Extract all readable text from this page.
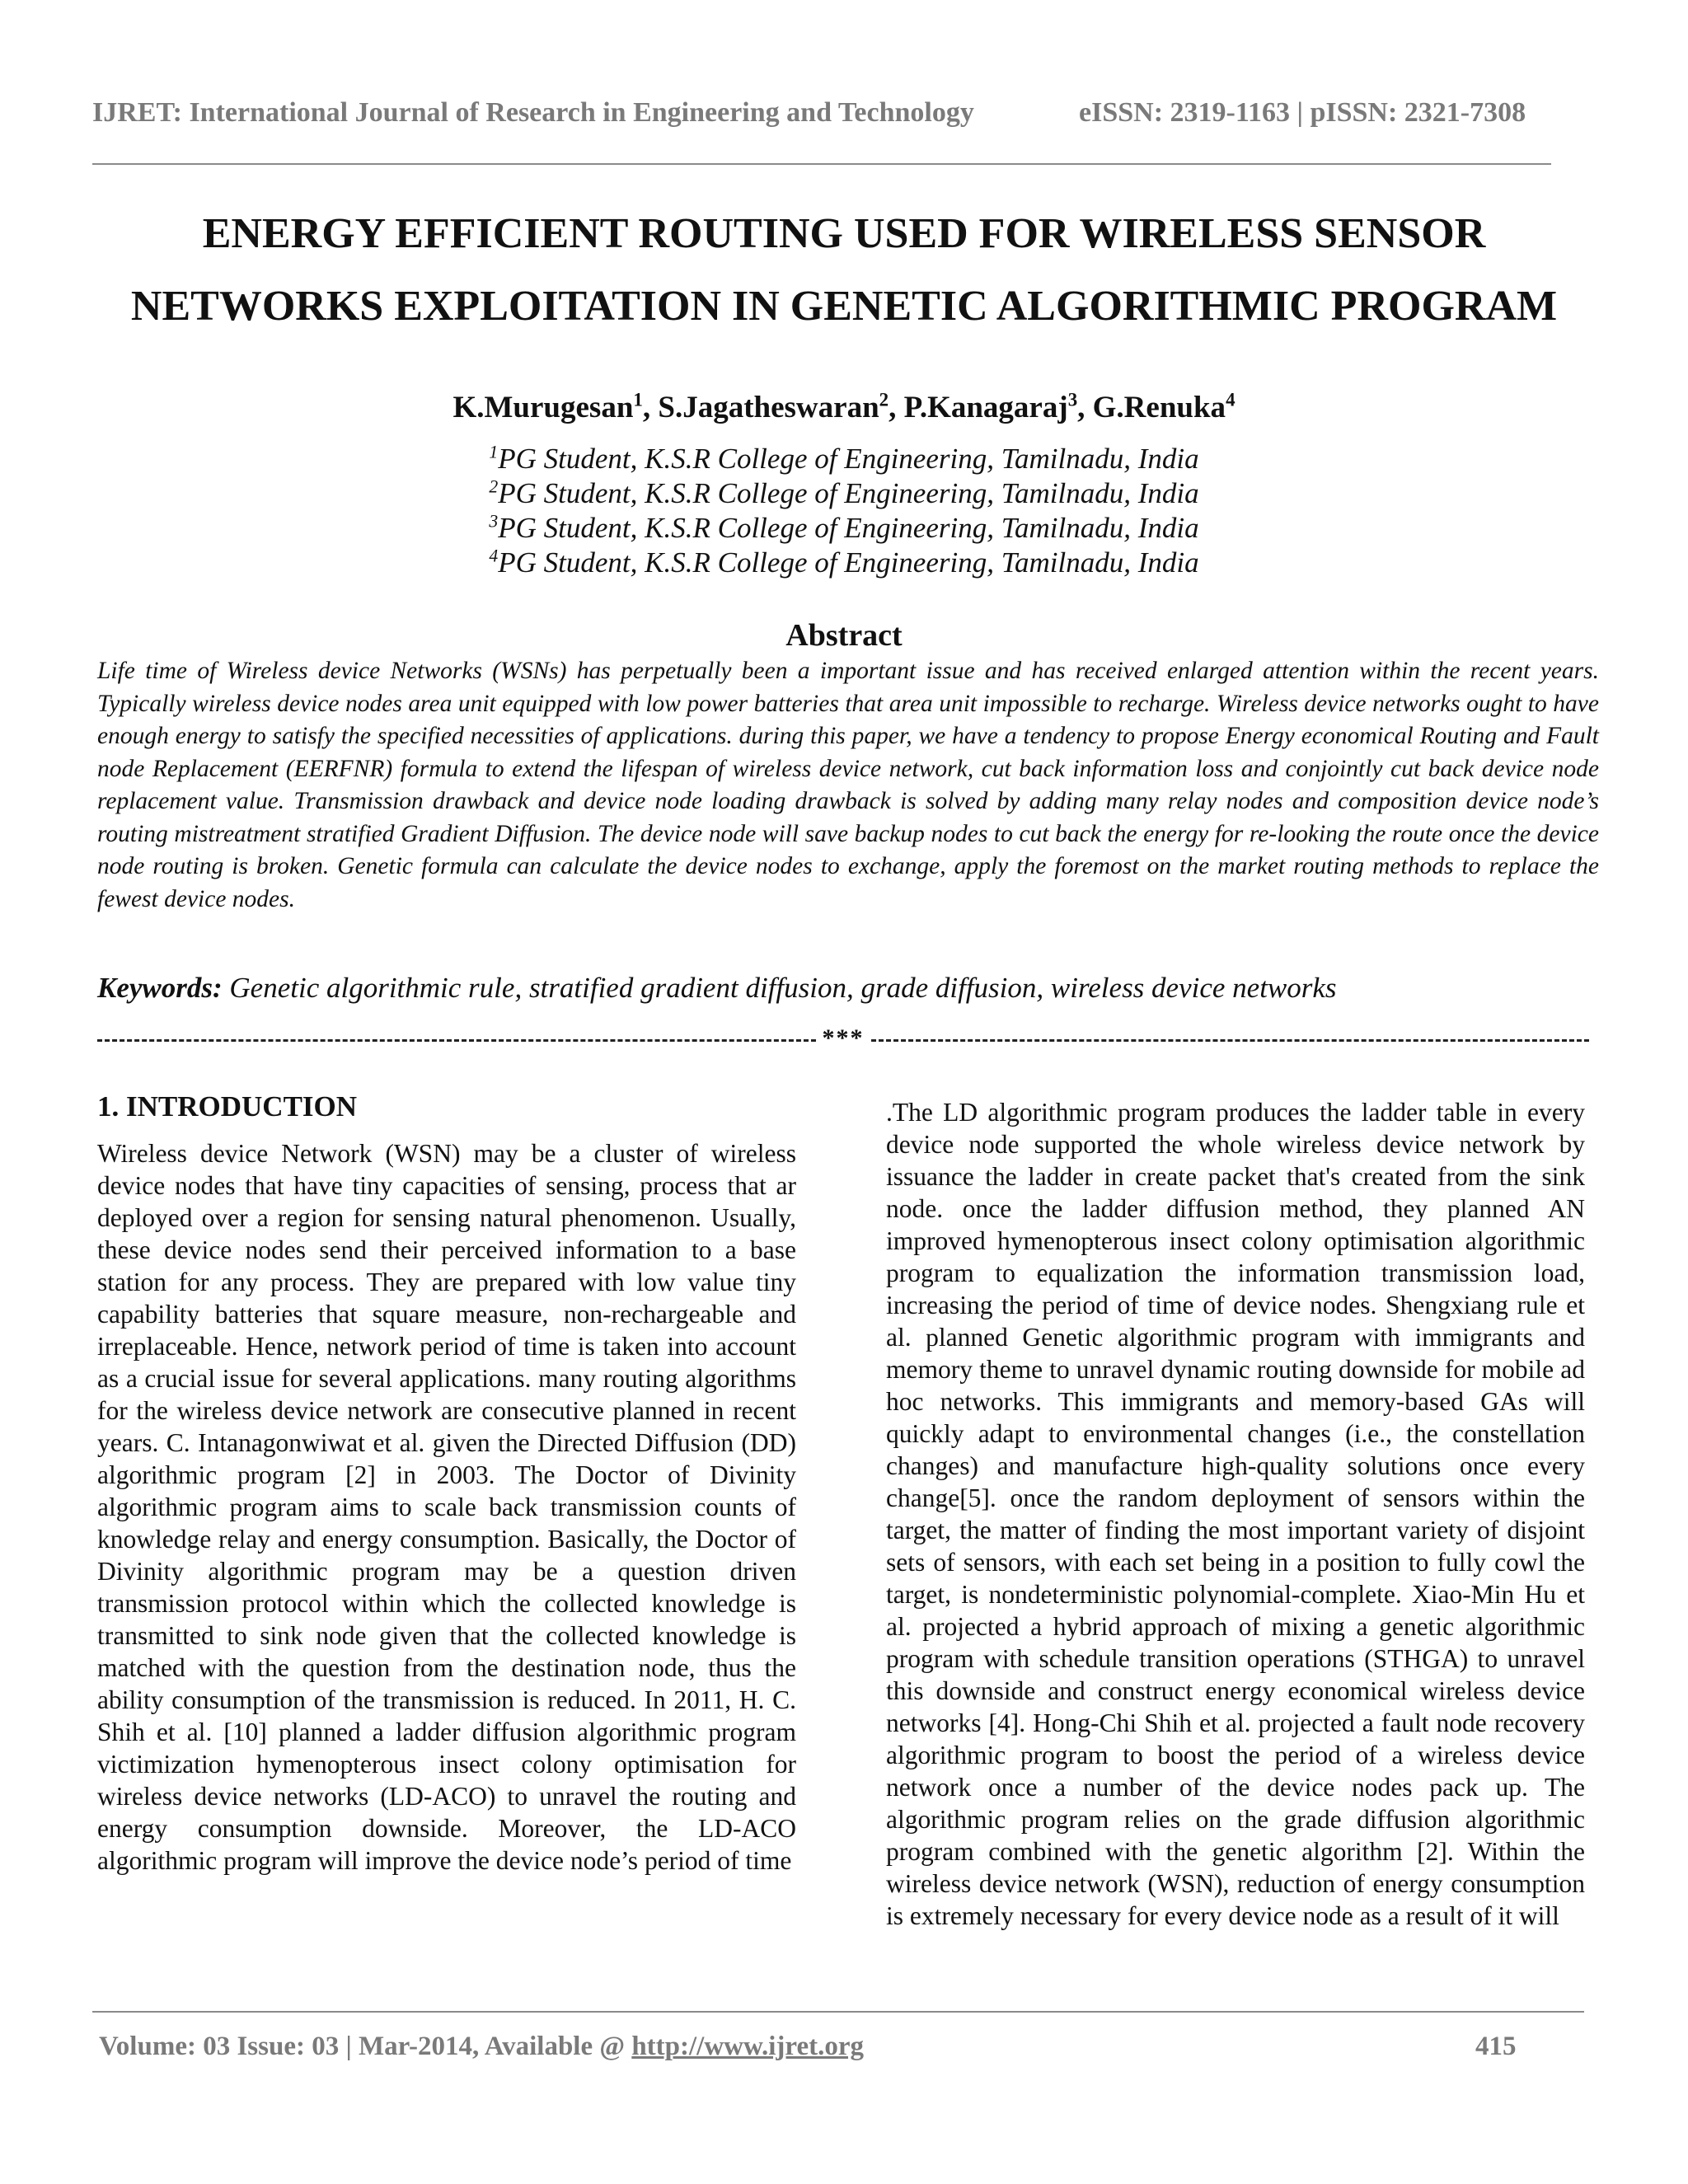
IJRET: International Journal of Research in Engineering and Technology	eISSN: 2319-1163 | pISSN: 2321-7308
ENERGY EFFICIENT ROUTING USED FOR WIRELESS SENSOR
NETWORKS EXPLOITATION IN GENETIC ALGORITHMIC PROGRAM
K.Murugesan$^1$, S.Jagatheswaran$^2$, P.Kanagaraj$^3$, G.Renuka$^4$
$^1$PG Student, K.S.R College of Engineering, Tamilnadu, India
$^2$PG Student, K.S.R College of Engineering, Tamilnadu, India
$^3$PG Student, K.S.R College of Engineering, Tamilnadu, India
$^4$PG Student, K.S.R College of Engineering, Tamilnadu, India
Abstract
Life time of Wireless device Networks (WSNs) has perpetually been a important issue and has received enlarged attention within the recent years. Typically wireless device nodes area unit equipped with low power batteries that area unit impossible to recharge. Wireless device networks ought to have enough energy to satisfy the specified necessities of applications. during this paper, we have a tendency to propose Energy economical Routing and Fault node Replacement (EERFNR) formula to extend the lifespan of wireless device network, cut back information loss and conjointly cut back device node replacement value. Transmission drawback and device node loading drawback is solved by adding many relay nodes and composition device node’s routing mistreatment stratified Gradient Diffusion. The device node will save backup nodes to cut back the energy for re-looking the route once the device node routing is broken. Genetic formula can calculate the device nodes to exchange, apply the foremost on the market routing methods to replace the fewest device nodes.
Keywords: Genetic algorithmic rule, stratified gradient diffusion, grade diffusion, wireless device networks
***
1. INTRODUCTION

Wireless device Network (WSN) may be a cluster of wireless device nodes that have tiny capacities of sensing, process that ar deployed over a region for sensing natural phenomenon. Usually, these device nodes send their perceived information to a base station for any process. They are prepared with low value tiny capability batteries that square measure, non-rechargeable and irreplaceable. Hence, network period of time is taken into account as a crucial issue for several applications. many routing algorithms for the wireless device network are consecutive planned in recent years. C. Intanagonwiwat et al. given the Directed Diffusion (DD) algorithmic program [2] in 2003. The Doctor of Divinity algorithmic program aims to scale back transmission counts of knowledge relay and energy consumption. Basically, the Doctor of Divinity algorithmic program may be a question driven transmission protocol within which the collected knowledge is transmitted to sink node given that the collected knowledge is matched with the question from the destination node, thus the ability consumption of the transmission is reduced. In 2011, H. C. Shih et al. [10] planned a ladder diffusion algorithmic program victimization hymenopterous insect colony optimisation for wireless device networks (LD-ACO) to unravel the routing and energy consumption downside. Moreover, the LD-ACO algorithmic program will improve the device node’s period of time

.The LD algorithmic program produces the ladder table in every device node supported the whole wireless device network by issuance the ladder in create packet that's created from the sink node. once the ladder diffusion method, they planned AN improved hymenopterous insect colony optimisation algorithmic program to equalization the information transmission load, increasing the period of time of device nodes. Shengxiang rule et al. planned Genetic algorithmic program with immigrants and memory theme to unravel dynamic routing downside for mobile ad hoc networks. This immigrants and memory-based GAs will quickly adapt to environmental changes (i.e., the constellation changes) and manufacture high-quality solutions once every change[5]. once the random deployment of sensors within the target, the matter of finding the most important variety of disjoint sets of sensors, with each set being in a position to fully cowl the target, is nondeterministic polynomial-complete. Xiao-Min Hu et al. projected a hybrid approach of mixing a genetic algorithmic program with schedule transition operations (STHGA) to unravel this downside and construct energy economical wireless device networks [4]. Hong-Chi Shih et al. projected a fault node recovery algorithmic program to boost the period of a wireless device network once a number of the device nodes pack up. The algorithmic program relies on the grade diffusion algorithmic program combined with the genetic algorithm [2]. Within the wireless device network (WSN), reduction of energy consumption is extremely necessary for every device node as a result of it will

Volume: 03 Issue: 03 | Mar-2014, Available @ http://www.ijret.org	415
